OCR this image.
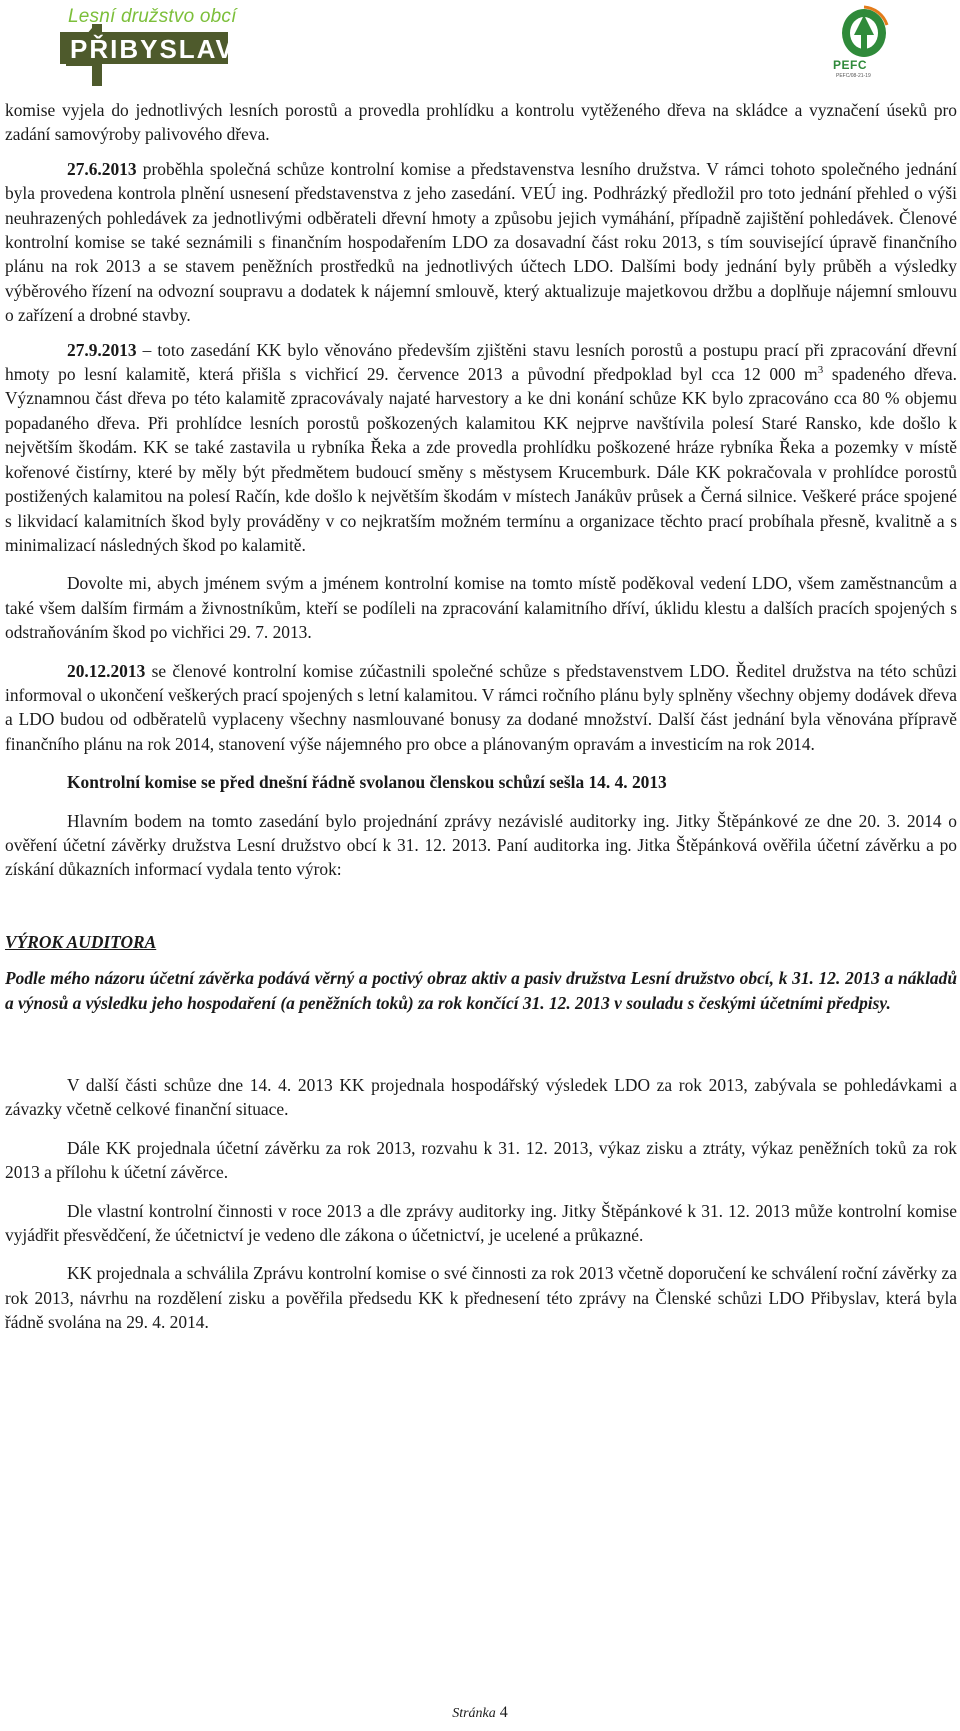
Lesní družstvo obcí
PŘIBYSLAV
PEFC
PEFC/08-21-19

komise vyjela do jednotlivých lesních porostů a provedla prohlídku a kontrolu vytěženého dřeva na skládce a vyznačení úseků pro zadání samovýroby palivového dřeva.

27.6.2013 proběhla společná schůze kontrolní komise a představenstva lesního družstva. V rámci tohoto společného jednání byla provedena kontrola plnění usnesení představenstva z jeho zasedání. VEÚ ing. Podhrázký předložil pro toto jednání přehled o výši neuhrazených pohledávek za jednotlivými odběrateli dřevní hmoty a způsobu jejich vymáhání, případně zajištění pohledávek. Členové kontrolní komise se také seznámili s finančním hospodařením LDO za dosavadní část roku 2013, s tím související úpravě finančního plánu na rok 2013 a se stavem peněžních prostředků na jednotlivých účtech LDO. Dalšími body jednání byly průběh a výsledky výběrového řízení na odvozní soupravu a dodatek k nájemní smlouvě, který aktualizuje majetkovou držbu a doplňuje nájemní smlouvu o zařízení a drobné stavby.

27.9.2013 – toto zasedání KK bylo věnováno především zjištěni stavu lesních porostů a postupu prací při zpracování dřevní hmoty po lesní kalamitě, která přišla s vichřicí 29. července 2013 a původní předpoklad byl cca 12 000 $m^3$ spadeného dřeva. Významnou část dřeva po této kalamitě zpracovávaly najaté harvestory a ke dni konání schůze KK bylo zpracováno cca 80 % objemu popadaného dřeva. Při prohlídce lesních porostů poškozených kalamitou KK nejprve navštívila polesí Staré Ransko, kde došlo k největším škodám. KK se také zastavila u rybníka Řeka a zde provedla prohlídku poškozené hráze rybníka Řeka a pozemky v místě kořenové čistírny, které by měly být předmětem budoucí směny s městysem Krucemburk. Dále KK pokračovala v prohlídce porostů postižených kalamitou na polesí Račín, kde došlo k největším škodám v místech Janákův průsek a Černá silnice. Veškeré práce spojené s likvidací kalamitních škod byly prováděny v co nejkratším možném termínu a organizace těchto prací probíhala přesně, kvalitně a s minimalizací následných škod po kalamitě.

Dovolte mi, abych jménem svým a jménem kontrolní komise na tomto místě poděkoval vedení LDO, všem zaměstnancům a také všem dalším firmám a živnostníkům, kteří se podíleli na zpracování kalamitního dříví, úklidu klestu a dalších pracích spojených s odstraňováním škod po vichřici 29. 7. 2013.

20.12.2013 se členové kontrolní komise zúčastnili společné schůze s představenstvem LDO. Ředitel družstva na této schůzi informoval o ukončení veškerých prací spojených s letní kalamitou. V rámci ročního plánu byly splněny všechny objemy dodávek dřeva a LDO budou od odběratelů vyplaceny všechny nasmlouvané bonusy za dodané množství. Další část jednání byla věnována přípravě finančního plánu na rok 2014, stanovení výše nájemného pro obce a plánovaným opravám a investicím na rok 2014.

Kontrolní komise se před dnešní řádně svolanou členskou schůzí sešla 14. 4. 2013

Hlavním bodem na tomto zasedání bylo projednání zprávy nezávislé auditorky ing. Jitky Štěpánkové ze dne 20. 3. 2014 o ověření účetní závěrky družstva Lesní družstvo obcí k 31. 12. 2013. Paní auditorka ing. Jitka Štěpánková ověřila účetní závěrku a po získání důkazních informací vydala tento výrok:

VÝROK AUDITORA

Podle mého názoru účetní závěrka podává věrný a poctivý obraz aktiv a pasiv družstva Lesní družstvo obcí, k 31. 12. 2013 a nákladů a výnosů a výsledku jeho hospodaření (a peněžních toků) za rok končící 31. 12. 2013 v souladu s českými účetními předpisy.

V další části schůze dne 14. 4. 2013 KK projednala hospodářský výsledek LDO za rok 2013, zabývala se pohledávkami a závazky včetně celkové finanční situace.

Dále KK projednala účetní závěrku za rok 2013, rozvahu k 31. 12. 2013, výkaz zisku a ztráty, výkaz peněžních toků za rok 2013 a přílohu k účetní závěrce.

Dle vlastní kontrolní činnosti v roce 2013 a dle zprávy auditorky ing. Jitky Štěpánkové k 31. 12. 2013 může kontrolní komise vyjádřit přesvědčení, že účetnictví je vedeno dle zákona o účetnictví, je ucelené a průkazné.

KK projednala a schválila Zprávu kontrolní komise o své činnosti za rok 2013 včetně doporučení ke schválení roční závěrky za rok 2013, návrhu na rozdělení zisku a pověřila předsedu KK k přednesení této zprávy na Členské schůzi LDO Přibyslav, která byla řádně svolána na 29. 4. 2014.

Stránka 4
